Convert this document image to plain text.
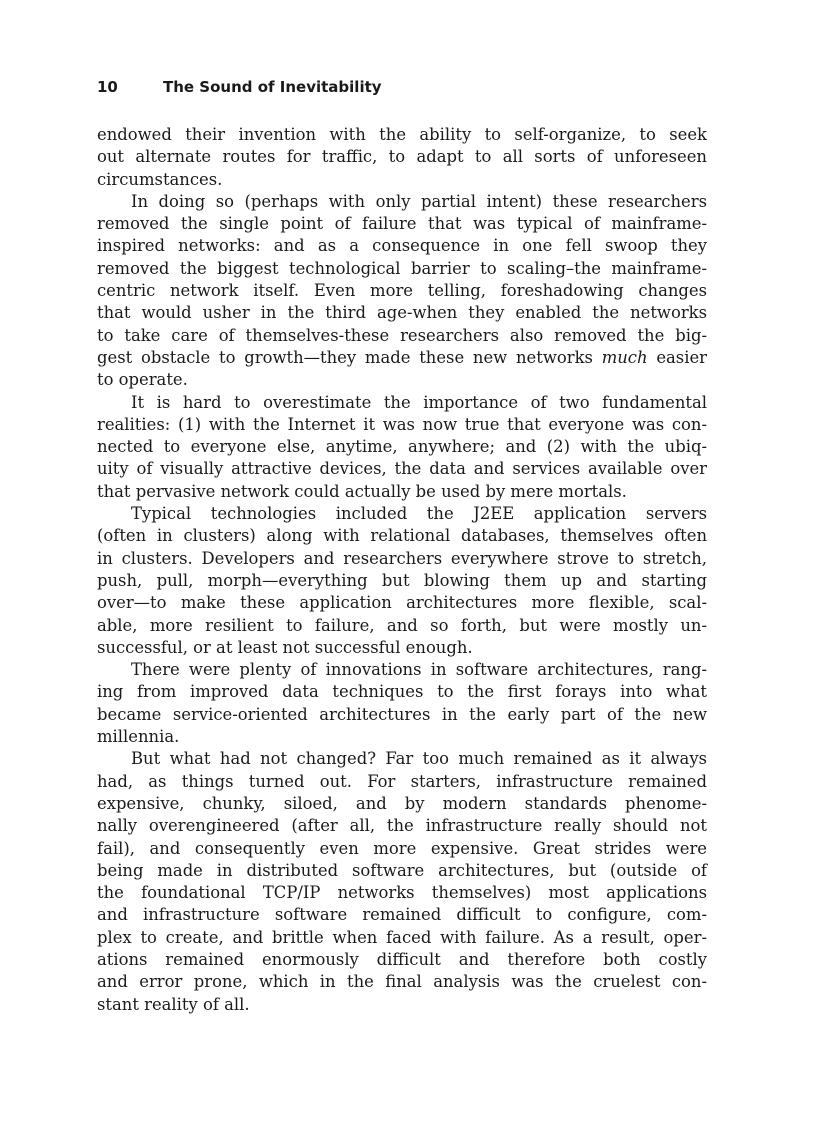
10	The Sound of Inevitability
endowed their invention with the ability to self-organize, to seek
out alternate routes for traffic, to adapt to all sorts of unforeseen
circumstances.
In doing so (perhaps with only partial intent) these researchers
removed the single point of failure that was typical of mainframe-
inspired networks: and as a consequence in one fell swoop they
removed the biggest technological barrier to scaling–the mainframe-
centric network itself. Even more telling, foreshadowing changes
that would usher in the third age-when they enabled the networks
to take care of themselves-these researchers also removed the big-
gest obstacle to growth—they made these new networks much easier
to operate.
It is hard to overestimate the importance of two fundamental
realities: (1) with the Internet it was now true that everyone was con-
nected to everyone else, anytime, anywhere; and (2) with the ubiq-
uity of visually attractive devices, the data and services available over
that pervasive network could actually be used by mere mortals.
Typical technologies included the J2EE application servers
(often in clusters) along with relational databases, themselves often
in clusters. Developers and researchers everywhere strove to stretch,
push, pull, morph—everything but blowing them up and starting
over—to make these application architectures more flexible, scal-
able, more resilient to failure, and so forth, but were mostly un-
successful, or at least not successful enough.
There were plenty of innovations in software architectures, rang-
ing from improved data techniques to the first forays into what
became service-oriented architectures in the early part of the new
millennia.
But what had not changed? Far too much remained as it always
had, as things turned out. For starters, infrastructure remained
expensive, chunky, siloed, and by modern standards phenome-
nally overengineered (after all, the infrastructure really should not
fail), and consequently even more expensive. Great strides were
being made in distributed software architectures, but (outside of
the foundational TCP/IP networks themselves) most applications
and infrastructure software remained difficult to configure, com-
plex to create, and brittle when faced with failure. As a result, oper-
ations remained enormously difficult and therefore both costly
and error prone, which in the final analysis was the cruelest con-
stant reality of all.
